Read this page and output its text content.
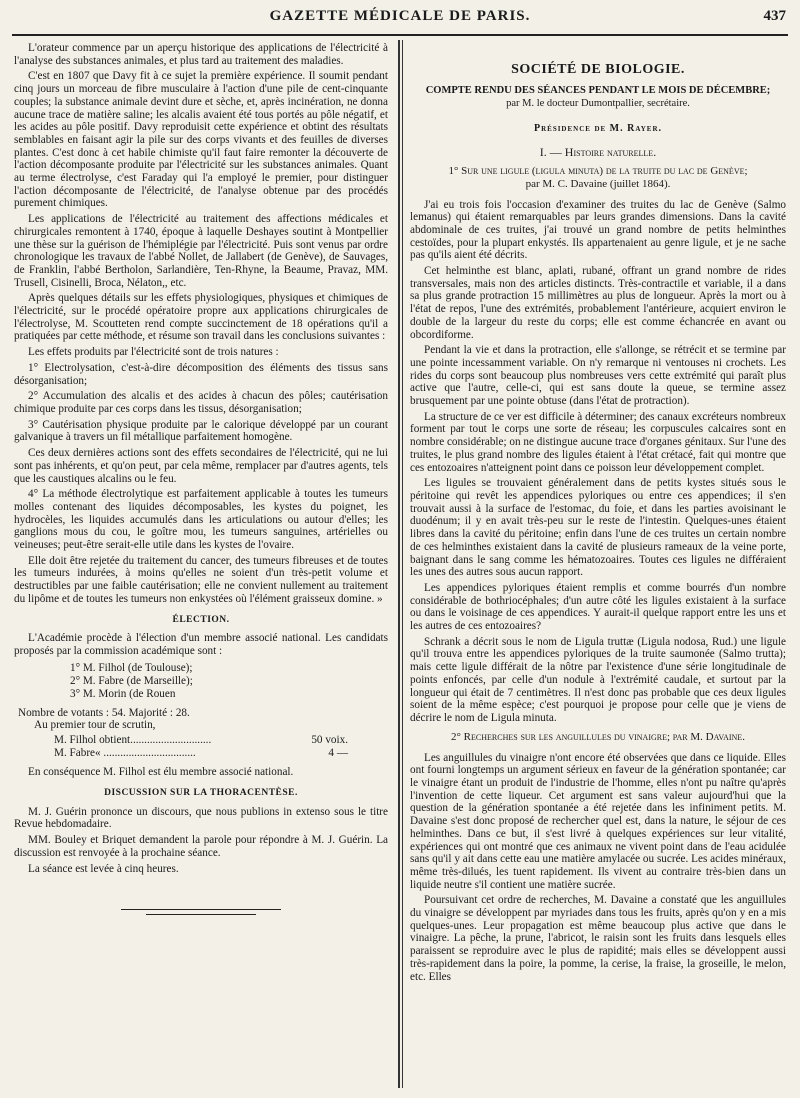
GAZETTE MÉDICALE DE PARIS.	437

L'orateur commence par un aperçu historique des applications de l'électricité à l'analyse des substances animales, et plus tard au traitement des maladies.

C'est en 1807 que Davy fit à ce sujet la première expérience. Il soumit pendant cinq jours un morceau de fibre musculaire à l'action d'une pile de cent-cinquante couples; la substance animale devint dure et sèche, et, après incinération, ne donna aucune trace de matière saline; les alcalis avaient été tous portés au pôle négatif, et les acides au pôle positif. Davy reproduisit cette expérience et obtint des résultats semblables en faisant agir la pile sur des corps vivants et des feuilles de diverses plantes. C'est donc à cet habile chimiste qu'il faut faire remonter la découverte de l'action décomposante produite par l'électricité sur les substances animales. Quant au terme électrolyse, c'est Faraday qui l'a employé le premier, pour distinguer l'action décomposante de l'électricité, de l'analyse obtenue par des procédés purement chimiques.

Les applications de l'électricité au traitement des affections médicales et chirurgicales remontent à 1740, époque à laquelle Deshayes soutint à Montpellier une thèse sur la guérison de l'hémiplégie par l'électricité. Puis sont venus par ordre chronologique les travaux de l'abbé Nollet, de Jallabert (de Genève), de Sauvages, de Franklin, l'abbé Bertholon, Sarlandière, Ten-Rhyne, la Beaume, Pravaz, MM. Trusell, Cisinelli, Broca, Nélaton,, etc.

Après quelques détails sur les effets physiologiques, physiques et chimiques de l'électricité, sur le procédé opératoire propre aux applications chirurgicales de l'électrolyse, M. Scoutteten rend compte succinctement de 18 opérations qu'il a pratiquées par cette méthode, et résume son travail dans les conclusions suivantes :

Les effets produits par l'électricité sont de trois natures :

1° Electrolysation, c'est-à-dire décomposition des éléments des tissus sans désorganisation;

2° Accumulation des alcalis et des acides à chacun des pôles; cautérisation chimique produite par ces corps dans les tissus, désorganisation;

3° Cautérisation physique produite par le calorique développé par un courant galvanique à travers un fil métallique parfaitement homogène.

Ces deux dernières actions sont des effets secondaires de l'électricité, qui ne lui sont pas inhérents, et qu'on peut, par cela même, remplacer par d'autres agents, tels que les caustiques alcalins ou le feu.

4° La méthode électrolytique est parfaitement applicable à toutes les tumeurs molles contenant des liquides décomposables, les kystes du poignet, les hydrocèles, les liquides accumulés dans les articulations ou autour d'elles; les ganglions mous du cou, le goître mou, les tumeurs sanguines, artérielles ou veineuses; peut-être serait-elle utile dans les kystes de l'ovaire.

Elle doit être rejetée du traitement du cancer, des tumeurs fibreuses et de toutes les tumeurs indurées, à moins qu'elles ne soient d'un très-petit volume et destructibles par une faible cautérisation; elle ne convient nullement au traitement du lipôme et de toutes les tumeurs non enkystées où l'élément graisseux domine. »

ÉLECTION.

L'Académie procède à l'élection d'un membre associé national. Les candidats proposés par la commission académique sont :

1° M. Filhol (de Toulouse);
2° M. Fabre (de Marseille);
3° M. Morin (de Rouen
Nombre de votants : 54. Majorité : 28.
Au premier tour de scrutin,
M. Filhol obtient .............................	50 voix.
M. Fabre « .................................	4 —

En conséquence M. Filhol est élu membre associé national.

DISCUSSION SUR LA THORACENTÈSE.

M. J. Guérin prononce un discours, que nous publions in extenso sous le titre Revue hebdomadaire.

MM. Bouley et Briquet demandent la parole pour répondre à M. J. Guérin. La discussion est renvoyée à la prochaine séance.

La séance est levée à cinq heures.

SOCIÉTÉ DE BIOLOGIE.
COMPTE RENDU DES SÉANCES PENDANT LE MOIS DE DÉCEMBRE;
par M. le docteur Dumontpallier, secrétaire.
Présidence de M. Rayer.
I. — Histoire naturelle.
1° Sur une ligule (ligula minuta) de la truite du lac de Genève;
par M. C. Davaine (juillet 1864).

J'ai eu trois fois l'occasion d'examiner des truites du lac de Genève (Salmo lemanus) qui étaient remarquables par leurs grandes dimensions. Dans la cavité abdominale de ces truites, j'ai trouvé un grand nombre de petits helminthes cestoïdes, pour la plupart enkystés. Ils appartenaient au genre ligule, et je ne sache pas qu'ils aient été décrits.

Cet helminthe est blanc, aplati, rubané, offrant un grand nombre de rides transversales, mais non des articles distincts. Très-contractile et variable, il a dans sa plus grande protraction 15 millimètres au plus de longueur. Après la mort ou à l'état de repos, l'une des extrémités, probablement l'antérieure, acquiert environ le double de la largeur du reste du corps; elle est comme échancrée en avant ou obcordiforme.

Pendant la vie et dans la protraction, elle s'allonge, se rétrécit et se termine par une pointe incessamment variable. On n'y remarque ni ventouses ni crochets. Les rides du corps sont beaucoup plus nombreuses vers cette extrémité qui paraît plus active que l'autre, celle-ci, qui est sans doute la queue, se termine assez brusquement par une pointe obtuse (dans l'état de protraction).

La structure de ce ver est difficile à déterminer; des canaux excréteurs nombreux forment par tout le corps une sorte de réseau; les corpuscules calcaires sont en nombre considérable; on ne distingue aucune trace d'organes génitaux. Sur l'une des truites, le plus grand nombre des ligules étaient à l'état crétacé, fait qui montre que ces entozoaires n'atteignent point dans ce poisson leur développement complet.

Les ligules se trouvaient généralement dans de petits kystes situés sous le péritoine qui revêt les appendices pyloriques ou entre ces appendices; il s'en trouvait aussi à la surface de l'estomac, du foie, et dans les parties avoisinant le duodénum; il y en avait très-peu sur le reste de l'intestin. Quelques-unes étaient libres dans la cavité du péritoine; enfin dans l'une de ces truites un certain nombre de ces helminthes existaient dans la cavité de plusieurs rameaux de la veine porte, baignant dans le sang comme les hématozoaires. Toutes ces ligules ne différaient les unes des autres sous aucun rapport.

Les appendices pyloriques étaient remplis et comme bourrés d'un nombre considérable de bothriocéphales; d'un autre côté les ligules existaient à la surface ou dans le voisinage de ces appendices. Y aurait-il quelque rapport entre les uns et les autres de ces entozoaires?

Schrank a décrit sous le nom de Ligula truttæ (Ligula nodosa, Rud.) une ligule qu'il trouva entre les appendices pyloriques de la truite saumonée (Salmo trutta); mais cette ligule différait de la nôtre par l'existence d'une série longitudinale de points enfoncés, par celle d'un nodule à l'extrémité caudale, et surtout par la longueur qui était de 7 centimètres. Il n'est donc pas probable que ces deux ligules soient de la même espèce; c'est pourquoi je propose pour celle que je viens de décrire le nom de Ligula minuta.

2° Recherches sur les anguillules du vinaigre; par M. Davaine.

Les anguillules du vinaigre n'ont encore été observées que dans ce liquide. Elles ont fourni longtemps un argument sérieux en faveur de la génération spontanée; car le vinaigre étant un produit de l'industrie de l'homme, elles n'ont pu naître qu'après l'invention de cette liqueur. Cet argument est sans valeur aujourd'hui que la question de la génération spontanée a été rejetée dans les infiniment petits. M. Davaine s'est donc proposé de rechercher quel est, dans la nature, le séjour de ces helminthes. Dans ce but, il s'est livré à quelques expériences sur leur vitalité, expériences qui ont montré que ces animaux ne vivent point dans de l'eau acidulée sans qu'il y ait dans cette eau une matière amylacée ou sucrée. Les acides minéraux, même très-dilués, les tuent rapidement. Ils vivent au contraire très-bien dans un liquide neutre s'il contient une matière sucrée.

Poursuivant cet ordre de recherches, M. Davaine a constaté que les anguillules du vinaigre se développent par myriades dans tous les fruits, après qu'on y en a mis quelques-unes. Leur propagation est même beaucoup plus active que dans le vinaigre. La pêche, la prune, l'abricot, le raisin sont les fruits dans lesquels elles paraissent se reproduire avec le plus de rapidité; mais elles se développent aussi très-rapidement dans la poire, la pomme, la cerise, la fraise, la groseille, le melon, etc. Elles
